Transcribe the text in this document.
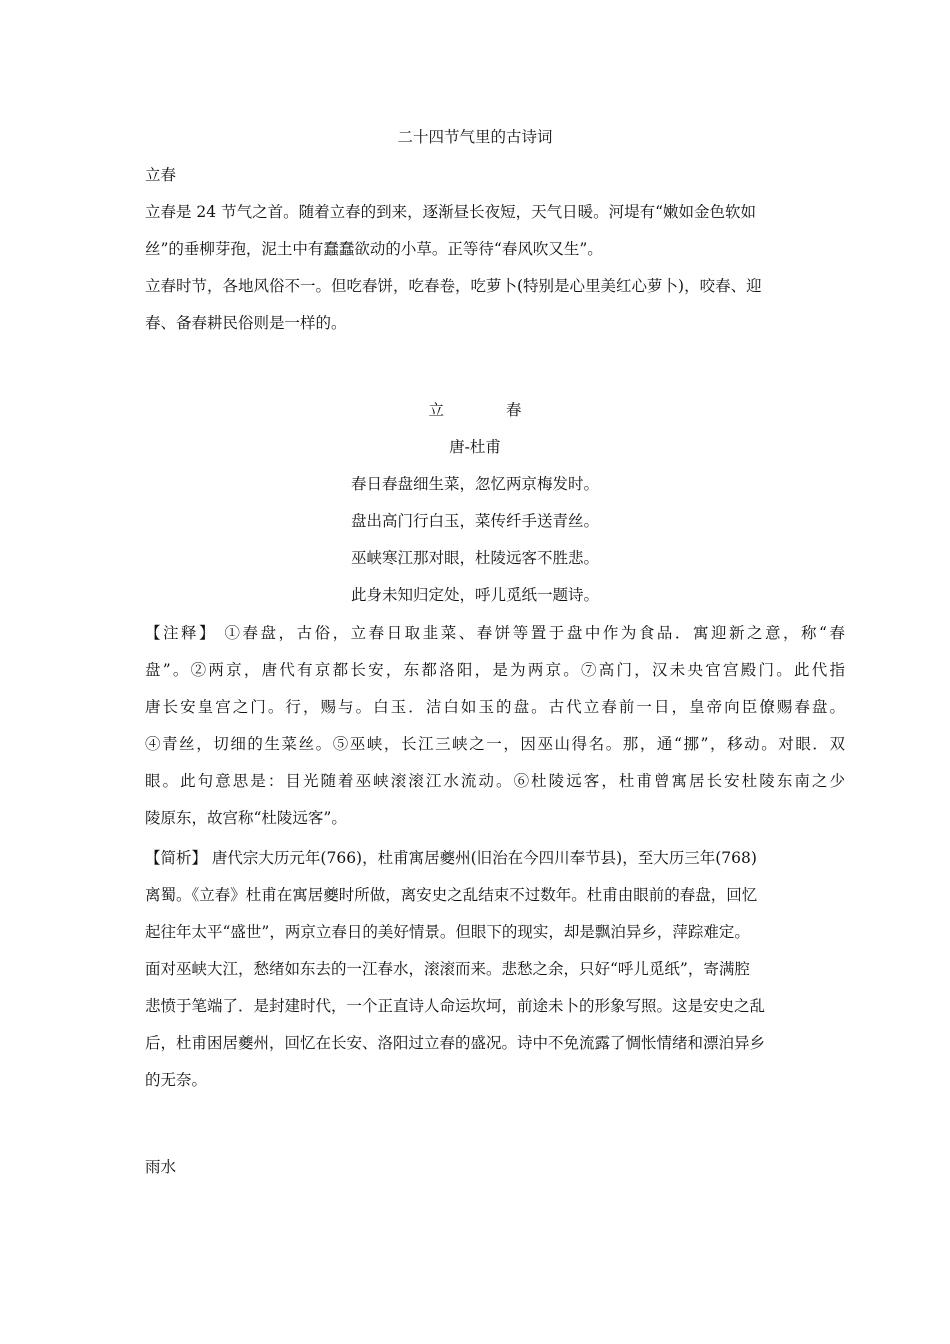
二十四节气里的古诗词
立春
立春是 24 节气之首。随着立春的到来，逐渐昼长夜短，天气日暖。河堤有“嫩如金色软如
丝”的垂柳芽孢，泥土中有蠢蠢欲动的小草。正等待“春风吹又生”。
立春时节，各地风俗不一。但吃春饼，吃春卷，吃萝卜(特别是心里美红心萝卜)，咬春、迎
春、备春耕民俗则是一样的。
立	春
唐-杜甫
春日春盘细生菜，忽忆两京梅发时。
盘出高门行白玉，菜传纤手送青丝。
巫峡寒江那对眼，杜陵远客不胜悲。
此身未知归定处，呼儿觅纸一题诗。
【注释】 ①春盘，古俗，立春日取韭菜、春饼等置于盘中作为食品．寓迎新之意，称“春
盘”。②两京，唐代有京都长安，东都洛阳，是为两京。⑦高门，汉未央官宫殿门。此代指
唐长安皇宫之门。行，赐与。白玉．洁白如玉的盘。古代立春前一日，皇帝向臣僚赐春盘。
④青丝，切细的生菜丝。⑤巫峡，长江三峡之一，因巫山得名。那，通“挪”，移动。对眼．双
眼。此句意思是：目光随着巫峡滚滚江水流动。⑥杜陵远客，杜甫曾寓居长安杜陵东南之少
陵原东，故宫称“杜陵远客”。
【简析】 唐代宗大历元年(766)，杜甫寓居夔州(旧治在今四川奉节县)，至大历三年(768)
离蜀。《立春》杜甫在寓居夔时所做，离安史之乱结束不过数年。杜甫由眼前的春盘，回忆
起往年太平“盛世”，两京立春日的美好情景。但眼下的现实，却是飘泊异乡，萍踪难定。
面对巫峡大江，愁绪如东去的一江春水，滚滚而来。悲愁之余，只好“呼儿觅纸”，寄满腔
悲愤于笔端了．是封建时代，一个正直诗人命运坎坷，前途未卜的形象写照。这是安史之乱
后，杜甫困居夔州，回忆在长安、洛阳过立春的盛况。诗中不免流露了惆怅情绪和漂泊异乡
的无奈。
雨水
